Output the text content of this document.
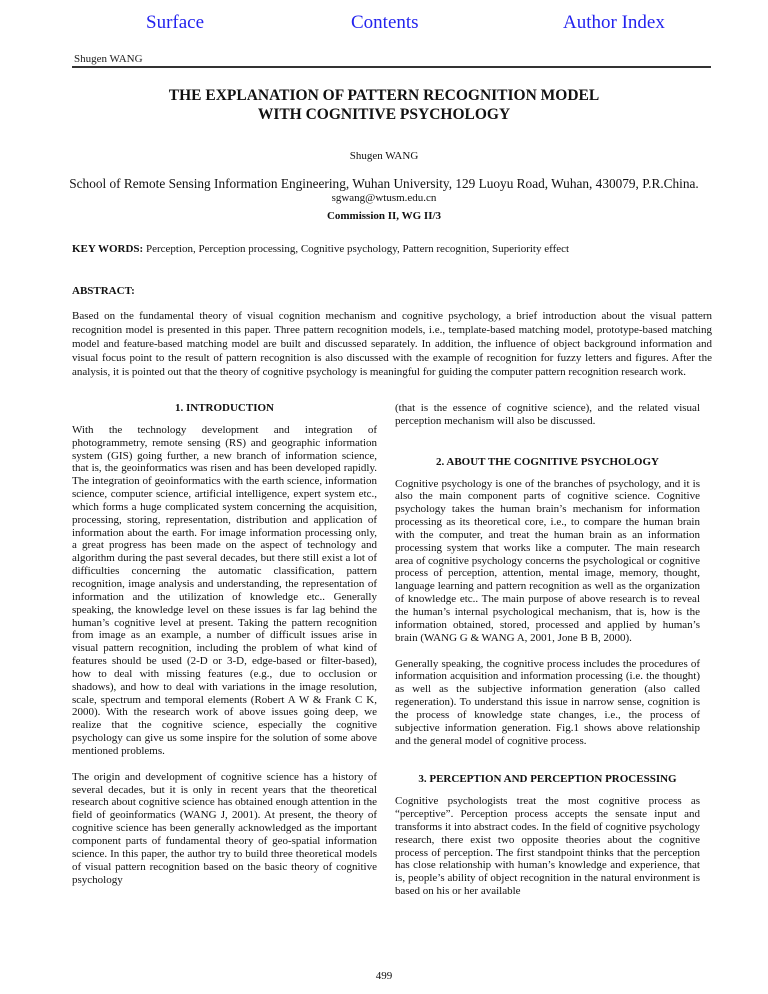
Surface	Contents	Author Index
Shugen WANG
THE EXPLANATION OF PATTERN RECOGNITION MODEL
WITH COGNITIVE PSYCHOLOGY
Shugen WANG
School of Remote Sensing Information Engineering, Wuhan University, 129 Luoyu Road, Wuhan, 430079, P.R.China.
sgwang@wtusm.edu.cn
Commission II, WG II/3
KEY WORDS: Perception, Perception processing, Cognitive psychology, Pattern recognition, Superiority effect
ABSTRACT:
Based on the fundamental theory of visual cognition mechanism and cognitive psychology, a brief introduction about the visual pattern recognition model is presented in this paper. Three pattern recognition models, i.e., template-based matching model, prototype-based matching model and feature-based matching model are built and discussed separately. In addition, the influence of object background information and visual focus point to the result of pattern recognition is also discussed with the example of recognition for fuzzy letters and figures. After the analysis, it is pointed out that the theory of cognitive psychology is meaningful for guiding the computer pattern recognition research work.
1. INTRODUCTION

With the technology development and integration of photogrammetry, remote sensing (RS) and geographic information system (GIS) going further, a new branch of information science, that is, the geoinformatics was risen and has been developed rapidly. The integration of geoinformatics with the earth science, information science, computer science, artificial intelligence, expert system etc., which forms a huge complicated system concerning the acquisition, processing, storing, representation, distribution and application of information about the earth. For image information processing only, a great progress has been made on the aspect of technology and algorithm during the past several decades, but there still exist a lot of difficulties concerning the automatic classification, pattern recognition, image analysis and understanding, the representation of information and the utilization of knowledge etc.. Generally speaking, the knowledge level on these issues is far lag behind the human’s cognitive level at present. Taking the pattern recognition from image as an example, a number of difficult issues arise in visual pattern recognition, including the problem of what kind of features should be used (2-D or 3-D, edge-based or filter-based), how to deal with missing features (e.g., due to occlusion or shadows), and how to deal with variations in the image resolution, scale, spectrum and temporal elements (Robert A W & Frank C K, 2000). With the research work of above issues going deep, we realize that the cognitive science, especially the cognitive psychology can give us some inspire for the solution of some above mentioned problems.

The origin and development of cognitive science has a history of several decades, but it is only in recent years that the theoretical research about cognitive science has obtained enough attention in the field of geoinformatics (WANG J, 2001). At present, the theory of cognitive science has been generally acknowledged as the important component parts of fundamental theory of geo-spatial information science. In this paper, the author try to build three theoretical models of visual pattern recognition based on the basic theory of cognitive psychology

(that is the essence of cognitive science), and the related visual perception mechanism will also be discussed.

2. ABOUT THE COGNITIVE PSYCHOLOGY

Cognitive psychology is one of the branches of psychology, and it is also the main component parts of cognitive science. Cognitive psychology takes the human brain’s mechanism for information processing as its theoretical core, i.e., to compare the human brain with the computer, and treat the human brain as an information processing system that works like a computer. The main research area of cognitive psychology concerns the psychological or cognitive process of perception, attention, mental image, memory, thought, language learning and pattern recognition as well as the organization of knowledge etc.. The main purpose of above research is to reveal the human’s internal psychological mechanism, that is, how is the information obtained, stored, processed and applied by human’s brain (WANG G & WANG A, 2001, Jone B B, 2000).

Generally speaking, the cognitive process includes the procedures of information acquisition and information processing (i.e. the thought) as well as the subjective information generation (also called regeneration). To understand this issue in narrow sense, cognition is the process of knowledge state changes, i.e., the process of subjective information generation. Fig.1 shows above relationship and the general model of cognitive process.

3. PERCEPTION AND PERCEPTION PROCESSING

Cognitive psychologists treat the most cognitive process as “perceptive”. Perception process accepts the sensate input and transforms it into abstract codes. In the field of cognitive psychology research, there exist two opposite theories about the cognitive process of perception. The first standpoint thinks that the perception has close relationship with human’s knowledge and experience, that is, people’s ability of object recognition in the natural environment is based on his or her available

499
